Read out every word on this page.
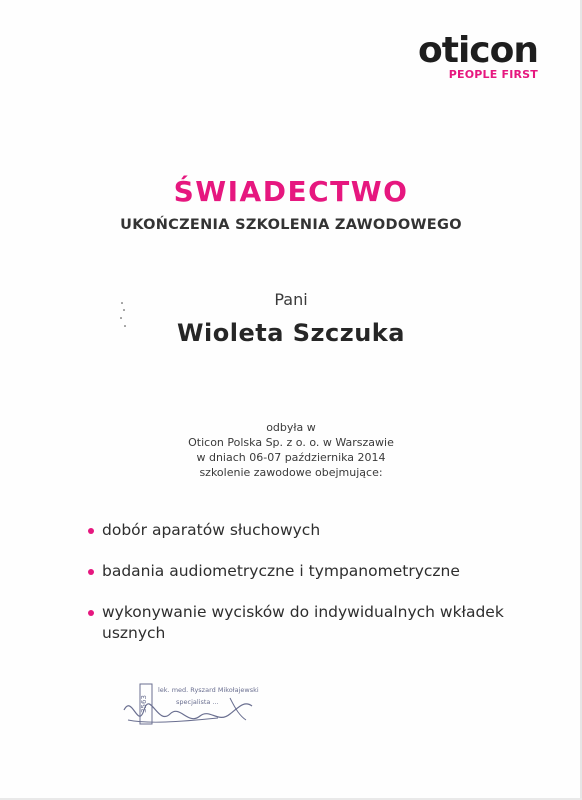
oticon
PEOPLE FIRST
ŚWIADECTWO
UKOŃCZENIA SZKOLENIA ZAWODOWEGO
Pani
Wioleta Szczuka
odbyła w
Oticon Polska Sp. z o. o. w Warszawie
w dniach 06-07 października 2014
szkolenie zawodowe obejmujące:
dobór aparatów słuchowych
badania audiometryczne i tympanometryczne
wykonywanie wycisków do indywidualnych wkładek usznych
3563
lek. med. Ryszard Mikołajewski
specjalista ...
